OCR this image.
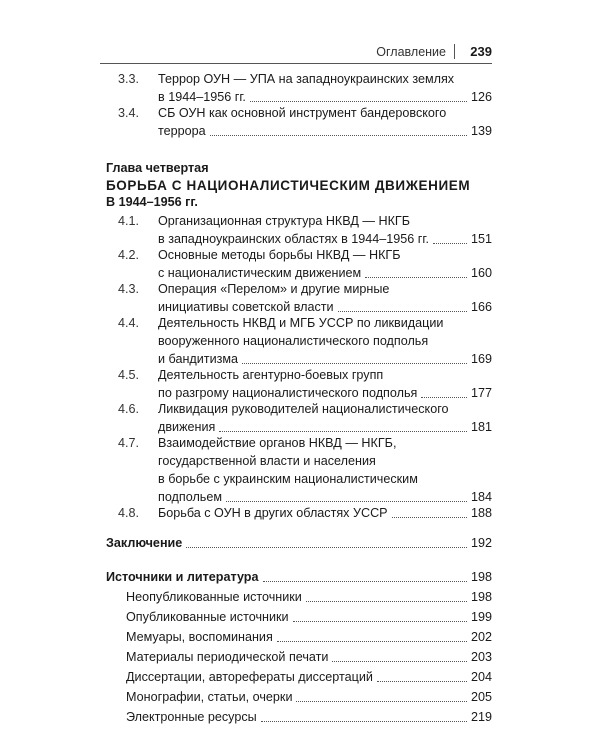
Оглавление 239
3.3. Террор ОУН — УПА на западноукраинских землях
в 1944–1956 гг.	126
3.4. СБ ОУН как основной инструмент бандеровского
террора	139
Глава четвертая
БОРЬБА С НАЦИОНАЛИСТИЧЕСКИМ ДВИЖЕНИЕМ
В 1944–1956 гг.
4.1. Организационная структура НКВД — НКГБ
в западноукраинских областях в 1944–1956 гг.	151
4.2. Основные методы борьбы НКВД — НКГБ
с националистическим движением	160
4.3. Операция «Перелом» и другие мирные
инициативы советской власти	166
4.4. Деятельность НКВД и МГБ УССР по ликвидации
вооруженного националистического подполья
и бандитизма	169
4.5. Деятельность агентурно-боевых групп
по разгрому националистического подполья	177
4.6. Ликвидация руководителей националистического
движения	181
4.7. Взаимодействие органов НКВД — НКГБ,
государственной власти и населения
в борьбе с украинским националистическим
подпольем	184
4.8. Борьба с ОУН в других областях УССР	188
Заключение	192
Источники и литература	198
Неопубликованные источники	198
Опубликованные источники	199
Мемуары, воспоминания	202
Материалы периодической печати	203
Диссертации, авторефераты диссертаций	204
Монографии, статьи, очерки	205
Электронные ресурсы	219
